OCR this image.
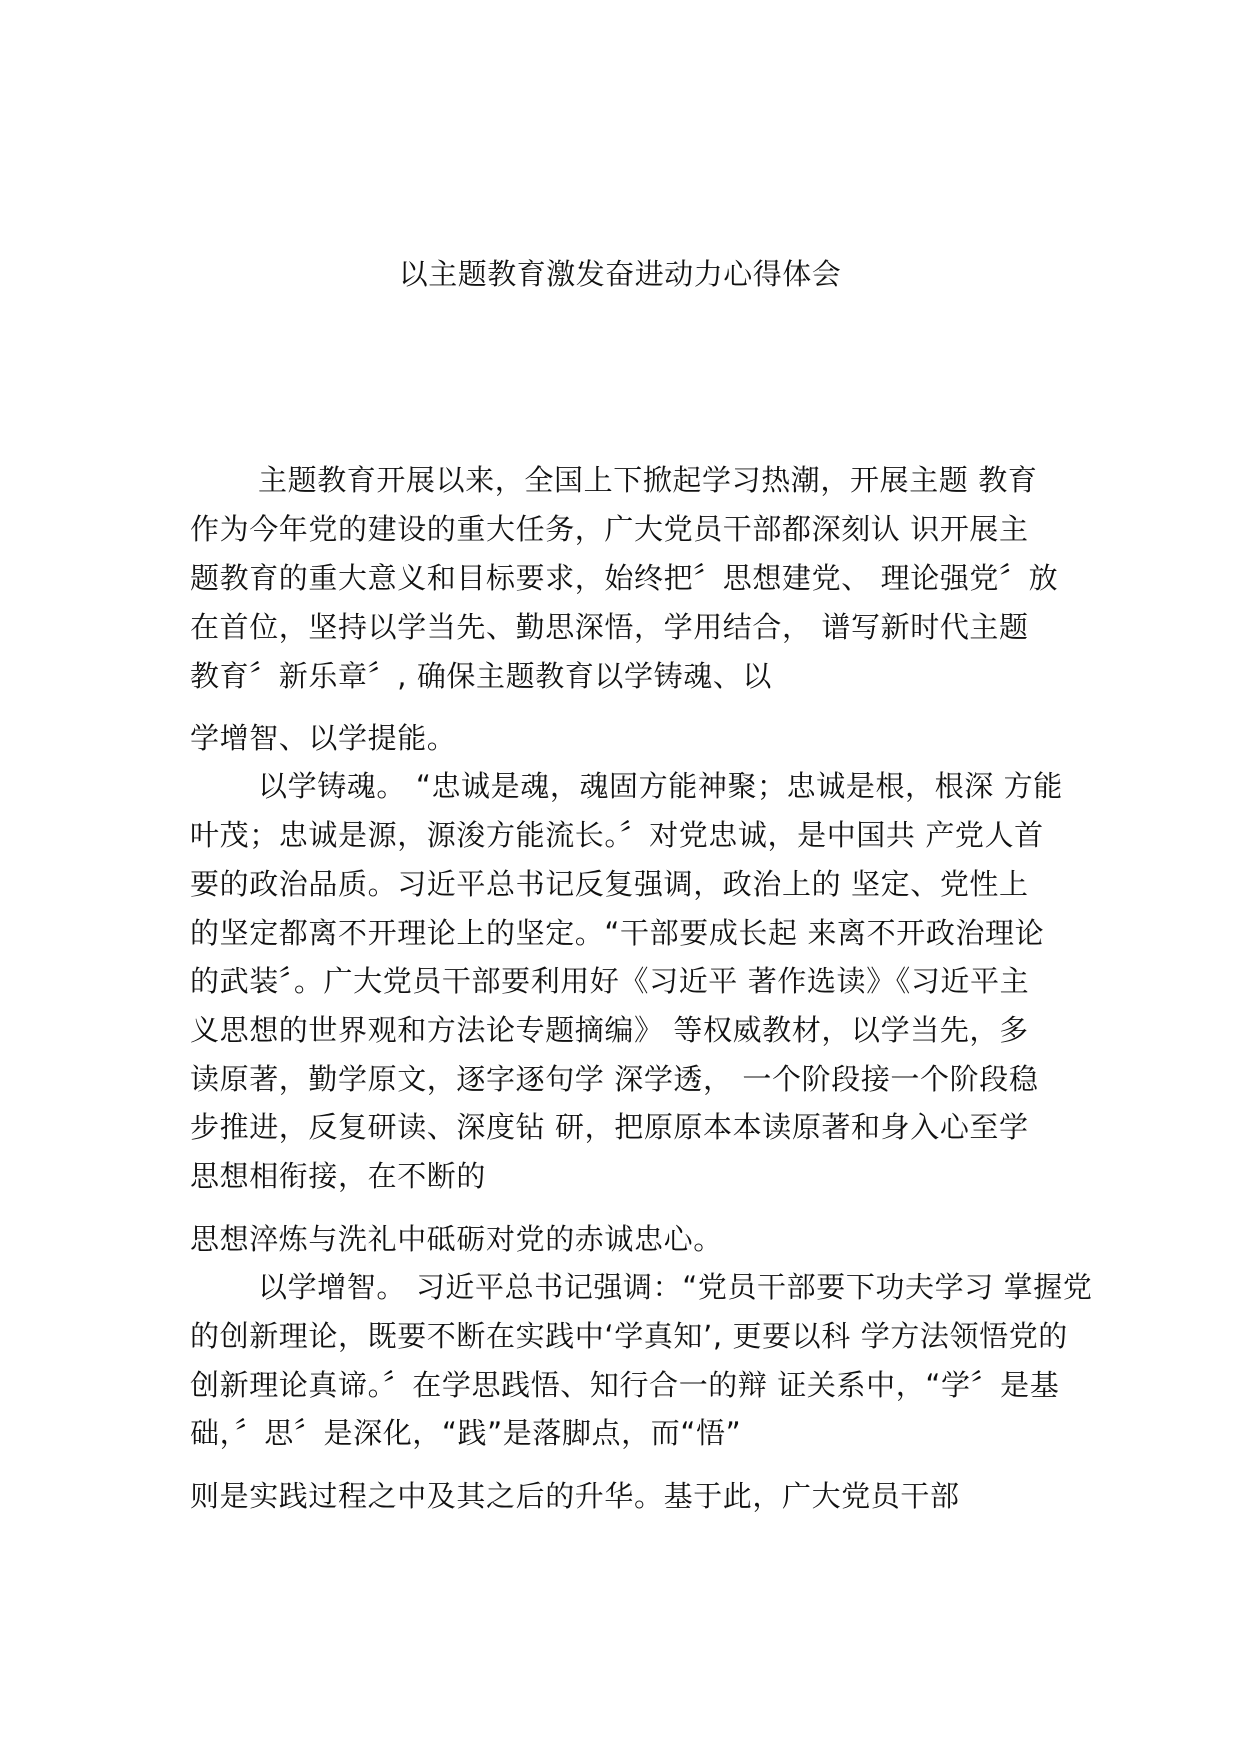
以主题教育激发奋进动力心得体会
主题教育开展以来，全国上下掀起学习热潮，开展主题 教育
作为今年党的建设的重大任务，广大党员干部都深刻认 识开展主
题教育的重大意义和目标要求，始终把〞思想建党、 理论强党〞放
在首位，坚持以学当先、勤思深悟，学用结合， 谱写新时代主题
教育〞新乐章〞, 确保主题教育以学铸魂、以
学增智、以学提能。
以学铸魂。 “忠诚是魂，魂固方能神聚；忠诚是根，根深 方能
叶茂；忠诚是源，源浚方能流长。〞对党忠诚，是中国共 产党人首
要的政治品质。习近平总书记反复强调，政治上的 坚定、党性上
的坚定都离不开理论上的坚定。“干部要成长起 来离不开政治理论
的武装〞。广大党员干部要利用好《习近平 著作选读》《习近平主
义思想的世界观和方法论专题摘编》 等权威教材，以学当先，多
读原著，勤学原文，逐字逐句学 深学透， 一个阶段接一个阶段稳
步推进，反复研读、深度钻 研，把原原本本读原著和身入心至学
思想相衔接，在不断的
思想淬炼与洗礼中砥砺对党的赤诚忠心。
以学增智。 习近平总书记强调：“党员干部要下功夫学习 掌握党
的创新理论，既要不断在实践中‘学真知’, 更要以科 学方法领悟党的
创新理论真谛。〞在学思践悟、知行合一的辩 证关系中，“学〞是基
础，〞思〞是深化，“践”是落脚点，而“悟”
则是实践过程之中及其之后的升华。基于此，广大党员干部
